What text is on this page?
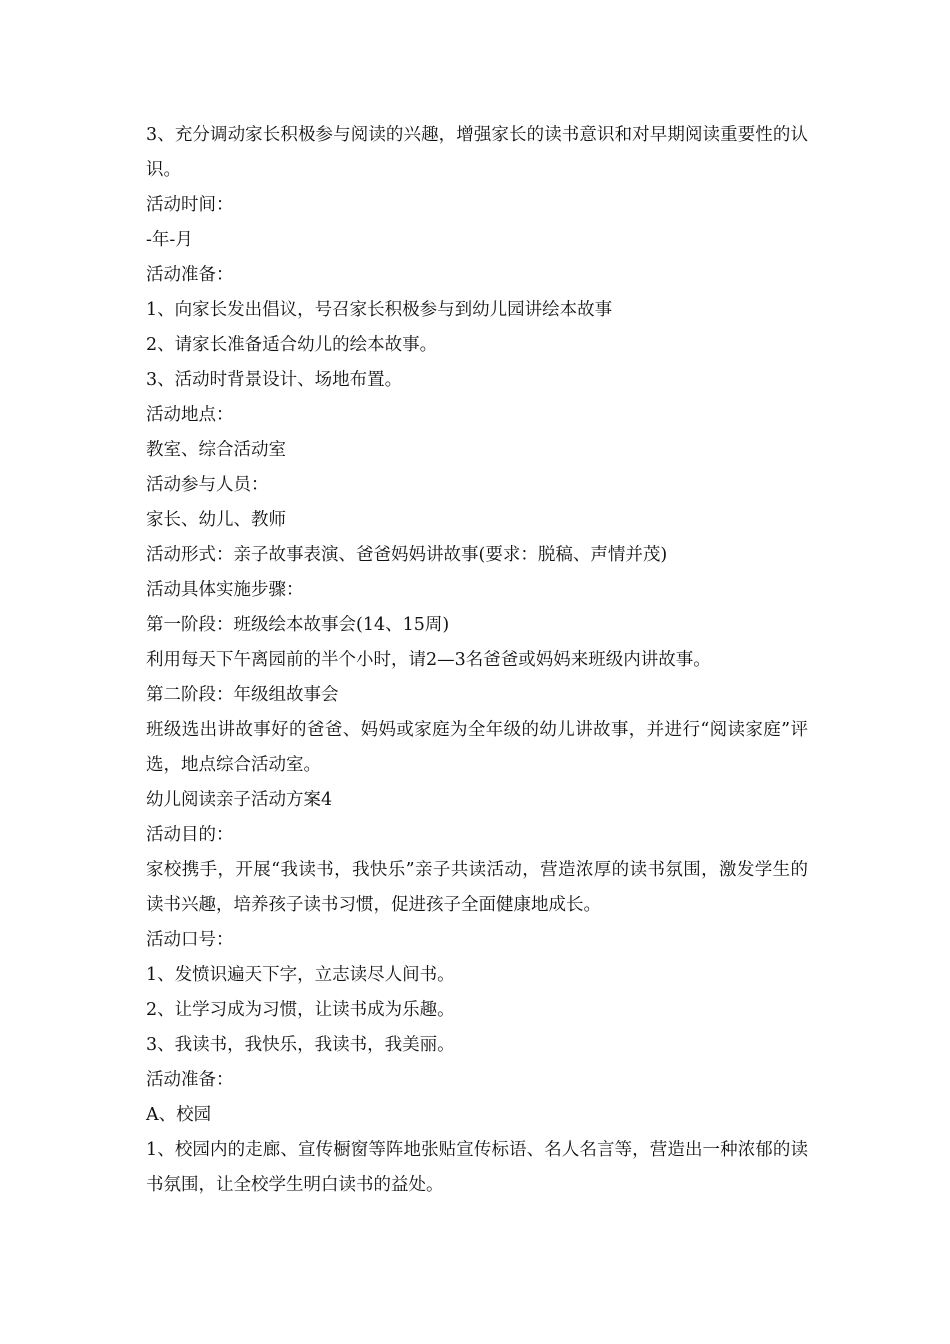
3、充分调动家长积极参与阅读的兴趣，增强家长的读书意识和对早期阅读重要性的认识。

活动时间：

-年-月

活动准备：

1、向家长发出倡议，号召家长积极参与到幼儿园讲绘本故事

2、请家长准备适合幼儿的绘本故事。

3、活动时背景设计、场地布置。

活动地点：

教室、综合活动室

活动参与人员：

家长、幼儿、教师

活动形式：亲子故事表演、爸爸妈妈讲故事(要求：脱稿、声情并茂)

活动具体实施步骤：

第一阶段：班级绘本故事会(14、15周)

利用每天下午离园前的半个小时，请2—3名爸爸或妈妈来班级内讲故事。

第二阶段：年级组故事会

班级选出讲故事好的爸爸、妈妈或家庭为全年级的幼儿讲故事，并进行“阅读家庭”评选，地点综合活动室。

幼儿阅读亲子活动方案4

活动目的：

家校携手，开展“我读书，我快乐”亲子共读活动，营造浓厚的读书氛围，激发学生的读书兴趣，培养孩子读书习惯，促进孩子全面健康地成长。

活动口号：

1、发愤识遍天下字，立志读尽人间书。

2、让学习成为习惯，让读书成为乐趣。

3、我读书，我快乐，我读书，我美丽。

活动准备：

A、校园

1、校园内的走廊、宣传橱窗等阵地张贴宣传标语、名人名言等，营造出一种浓郁的读书氛围，让全校学生明白读书的益处。
